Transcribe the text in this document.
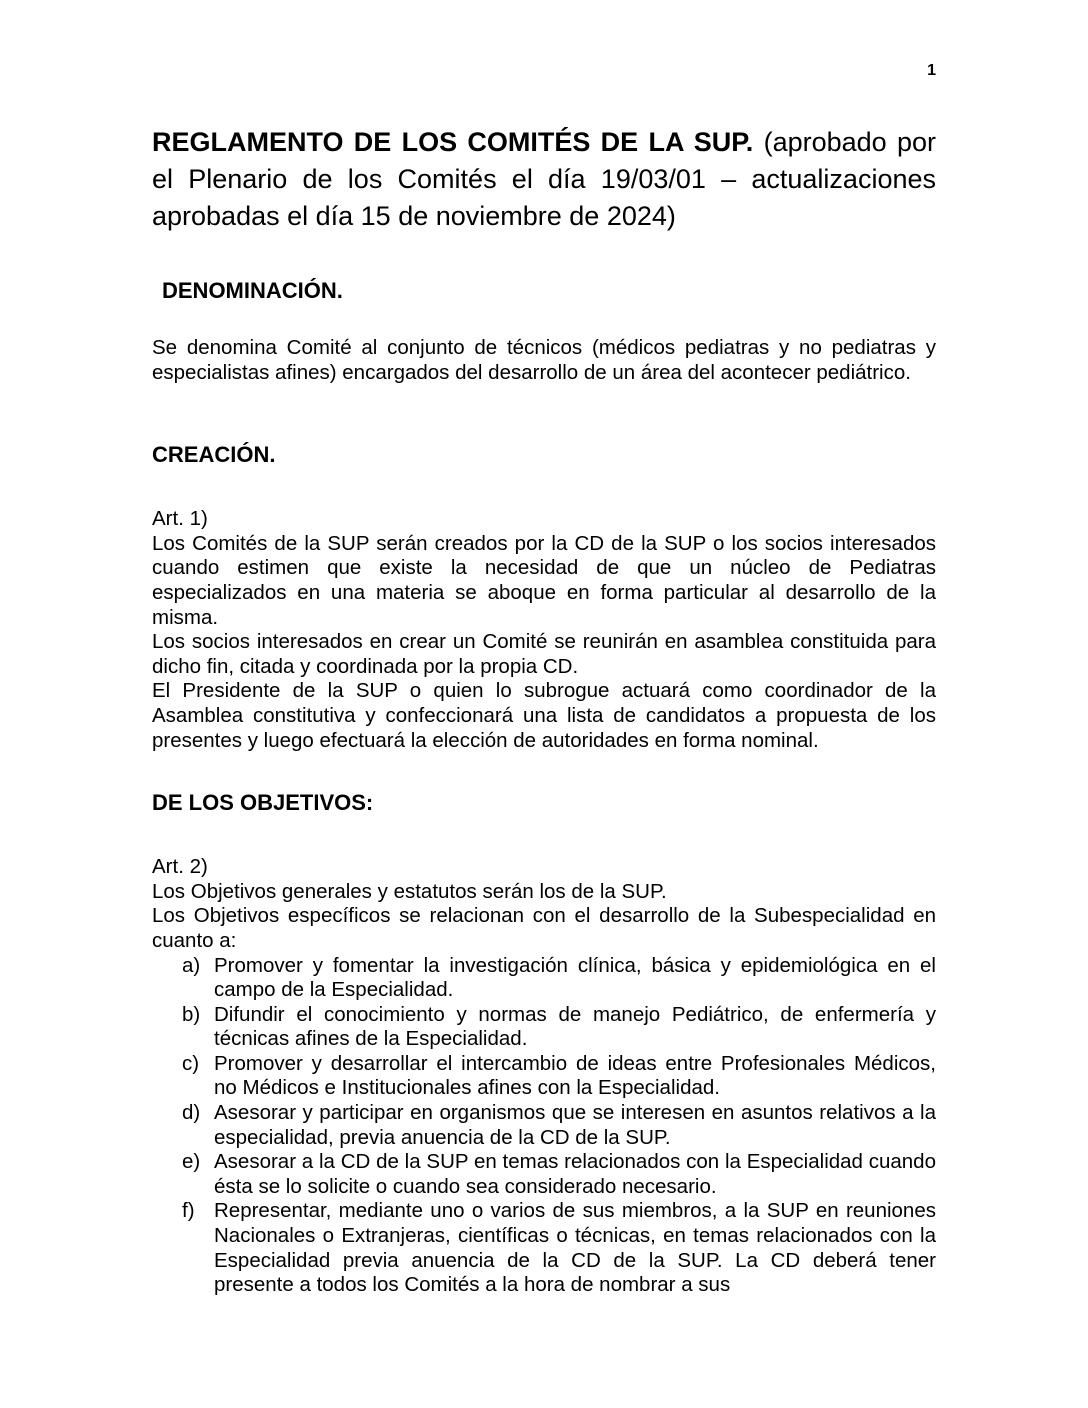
1

REGLAMENTO DE LOS COMITÉS DE LA SUP. (aprobado por el Plenario de los Comités el día 19/03/01 – actualizaciones aprobadas el día 15 de noviembre de 2024)

DENOMINACIÓN.

Se denomina Comité al conjunto de técnicos (médicos pediatras y no pediatras y especialistas afines) encargados del desarrollo de un área del acontecer pediátrico.

CREACIÓN.

Art. 1)

Los Comités de la SUP serán creados por la CD de la SUP o los socios interesados cuando estimen que existe la necesidad de que un núcleo de Pediatras especializados en una materia se aboque en forma particular al desarrollo de la misma.

Los socios interesados en crear un Comité se reunirán en asamblea constituida para dicho fin, citada y coordinada por la propia CD.

El Presidente de la SUP o quien lo subrogue actuará como coordinador de la Asamblea constitutiva y confeccionará una lista de candidatos a propuesta de los presentes y luego efectuará la elección de autoridades en forma nominal.

DE LOS OBJETIVOS:

Art. 2)

Los Objetivos generales y estatutos serán los de la SUP.

Los Objetivos específicos se relacionan con el desarrollo de la Subespecialidad en cuanto a:

a) Promover y fomentar la investigación clínica, básica y epidemiológica en el campo de la Especialidad.
b) Difundir el conocimiento y normas de manejo Pediátrico, de enfermería y técnicas afines de la Especialidad.
c) Promover y desarrollar el intercambio de ideas entre Profesionales Médicos, no Médicos e Institucionales afines con la Especialidad.
d) Asesorar y participar en organismos que se interesen en asuntos relativos a la especialidad, previa anuencia de la CD de la SUP.
e) Asesorar a la CD de la SUP en temas relacionados con la Especialidad cuando ésta se lo solicite o cuando sea considerado necesario.
f) Representar, mediante uno o varios de sus miembros, a la SUP en reuniones Nacionales o Extranjeras, científicas o técnicas, en temas relacionados con la Especialidad previa anuencia de la CD de la SUP. La CD deberá tener presente a todos los Comités a la hora de nombrar a sus
